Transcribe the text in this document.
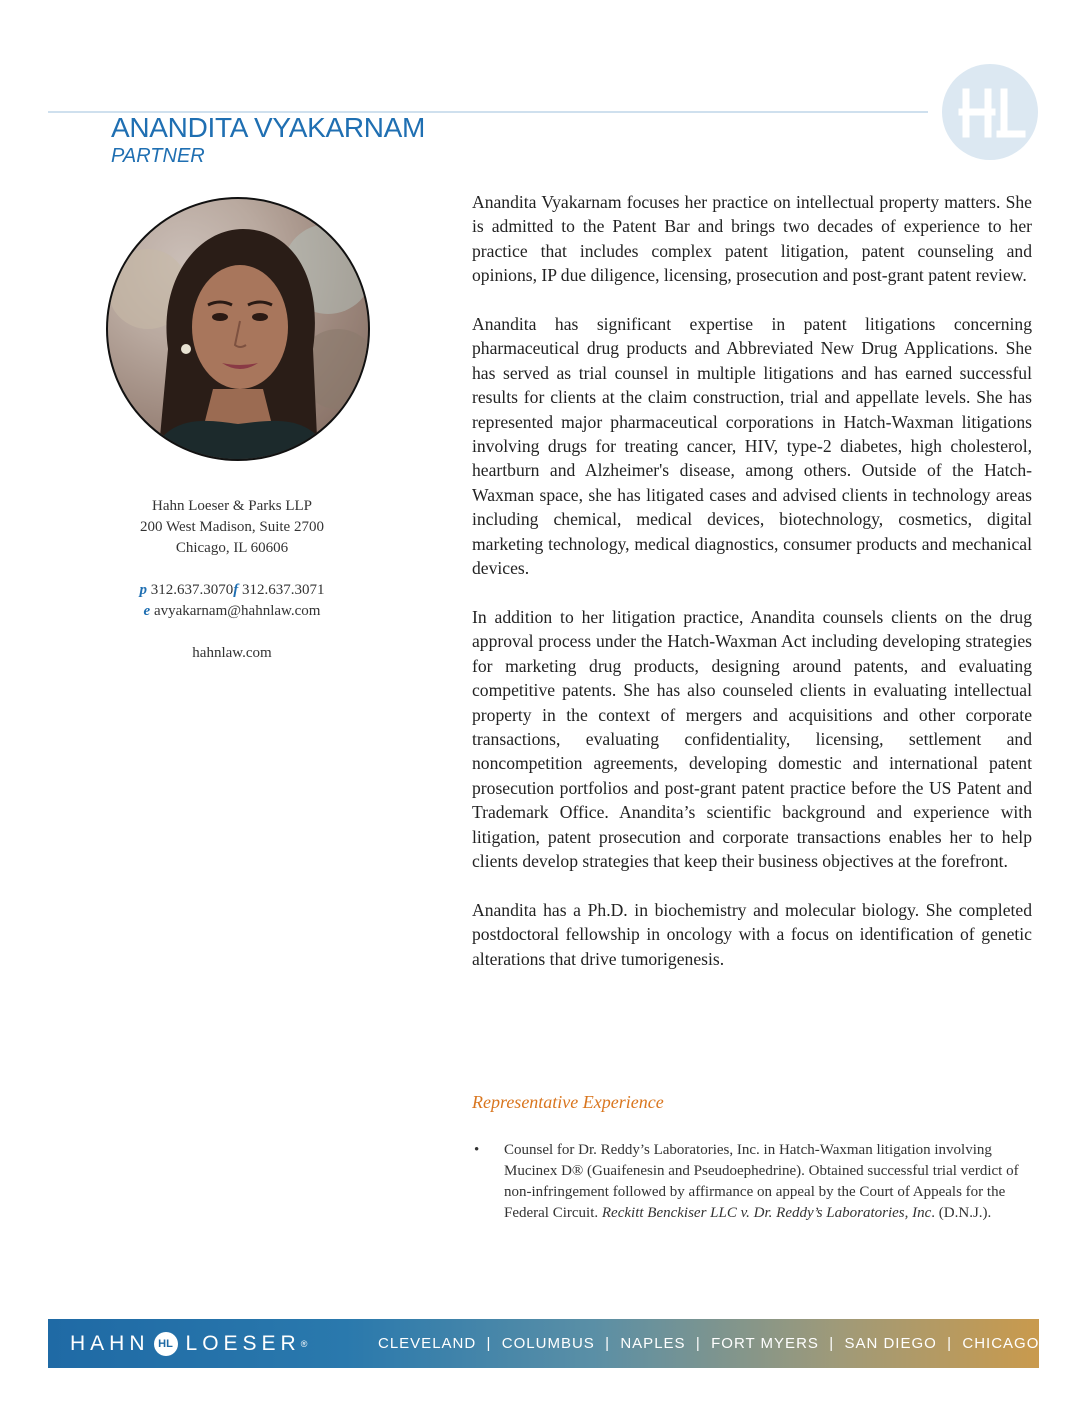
ANANDITA VYAKARNAM
PARTNER
Hahn Loeser & Parks LLP
200 West Madison, Suite 2700
Chicago, IL 60606
p 312.637.3070f 312.637.3071
e avyakarnam@hahnlaw.com
hahnlaw.com

Anandita Vyakarnam focuses her practice on intellectual property matters. She is admitted to the Patent Bar and brings two decades of experience to her practice that includes complex patent litigation, patent counseling and opinions, IP due diligence, licensing, prosecution and post-grant patent review.

Anandita has significant expertise in patent litigations concerning pharmaceutical drug products and Abbreviated New Drug Applications. She has served as trial counsel in multiple litigations and has earned successful results for clients at the claim construction, trial and appellate levels. She has represented major pharmaceutical corporations in Hatch-Waxman litigations involving drugs for treating cancer, HIV, type-2 diabetes, high cholesterol, heartburn and Alzheimer's disease, among others. Outside of the Hatch-Waxman space, she has litigated cases and advised clients in technology areas including chemical, medical devices, biotechnology, cosmetics, digital marketing technology, medical diagnostics, consumer products and mechanical devices.

In addition to her litigation practice, Anandita counsels clients on the drug approval process under the Hatch-Waxman Act including developing strategies for marketing drug products, designing around patents, and evaluating competitive patents. She has also counseled clients in evaluating intellectual property in the context of mergers and acquisitions and other corporate transactions, evaluating confidentiality, licensing, settlement and noncompetition agreements, developing domestic and international patent prosecution portfolios and post-grant patent practice before the US Patent and Trademark Office. Anandita’s scientific background and experience with litigation, patent prosecution and corporate transactions enables her to help clients develop strategies that keep their business objectives at the forefront.

Anandita has a Ph.D. in biochemistry and molecular biology. She completed postdoctoral fellowship in oncology with a focus on identification of genetic alterations that drive tumorigenesis.

Representative Experience
• Counsel for Dr. Reddy’s Laboratories, Inc. in Hatch-Waxman litigation involving Mucinex D® (Guaifenesin and Pseudoephedrine). Obtained successful trial verdict of non-infringement followed by affirmance on appeal by the Court of Appeals for the Federal Circuit. Reckitt Benckiser LLC v. Dr. Reddy’s Laboratories, Inc. (D.N.J.).
HAHN HL LOESER ®	CLEVELAND  |  COLUMBUS  |  NAPLES  |  FORT MYERS  |  SAN DIEGO  |  CHICAGO
